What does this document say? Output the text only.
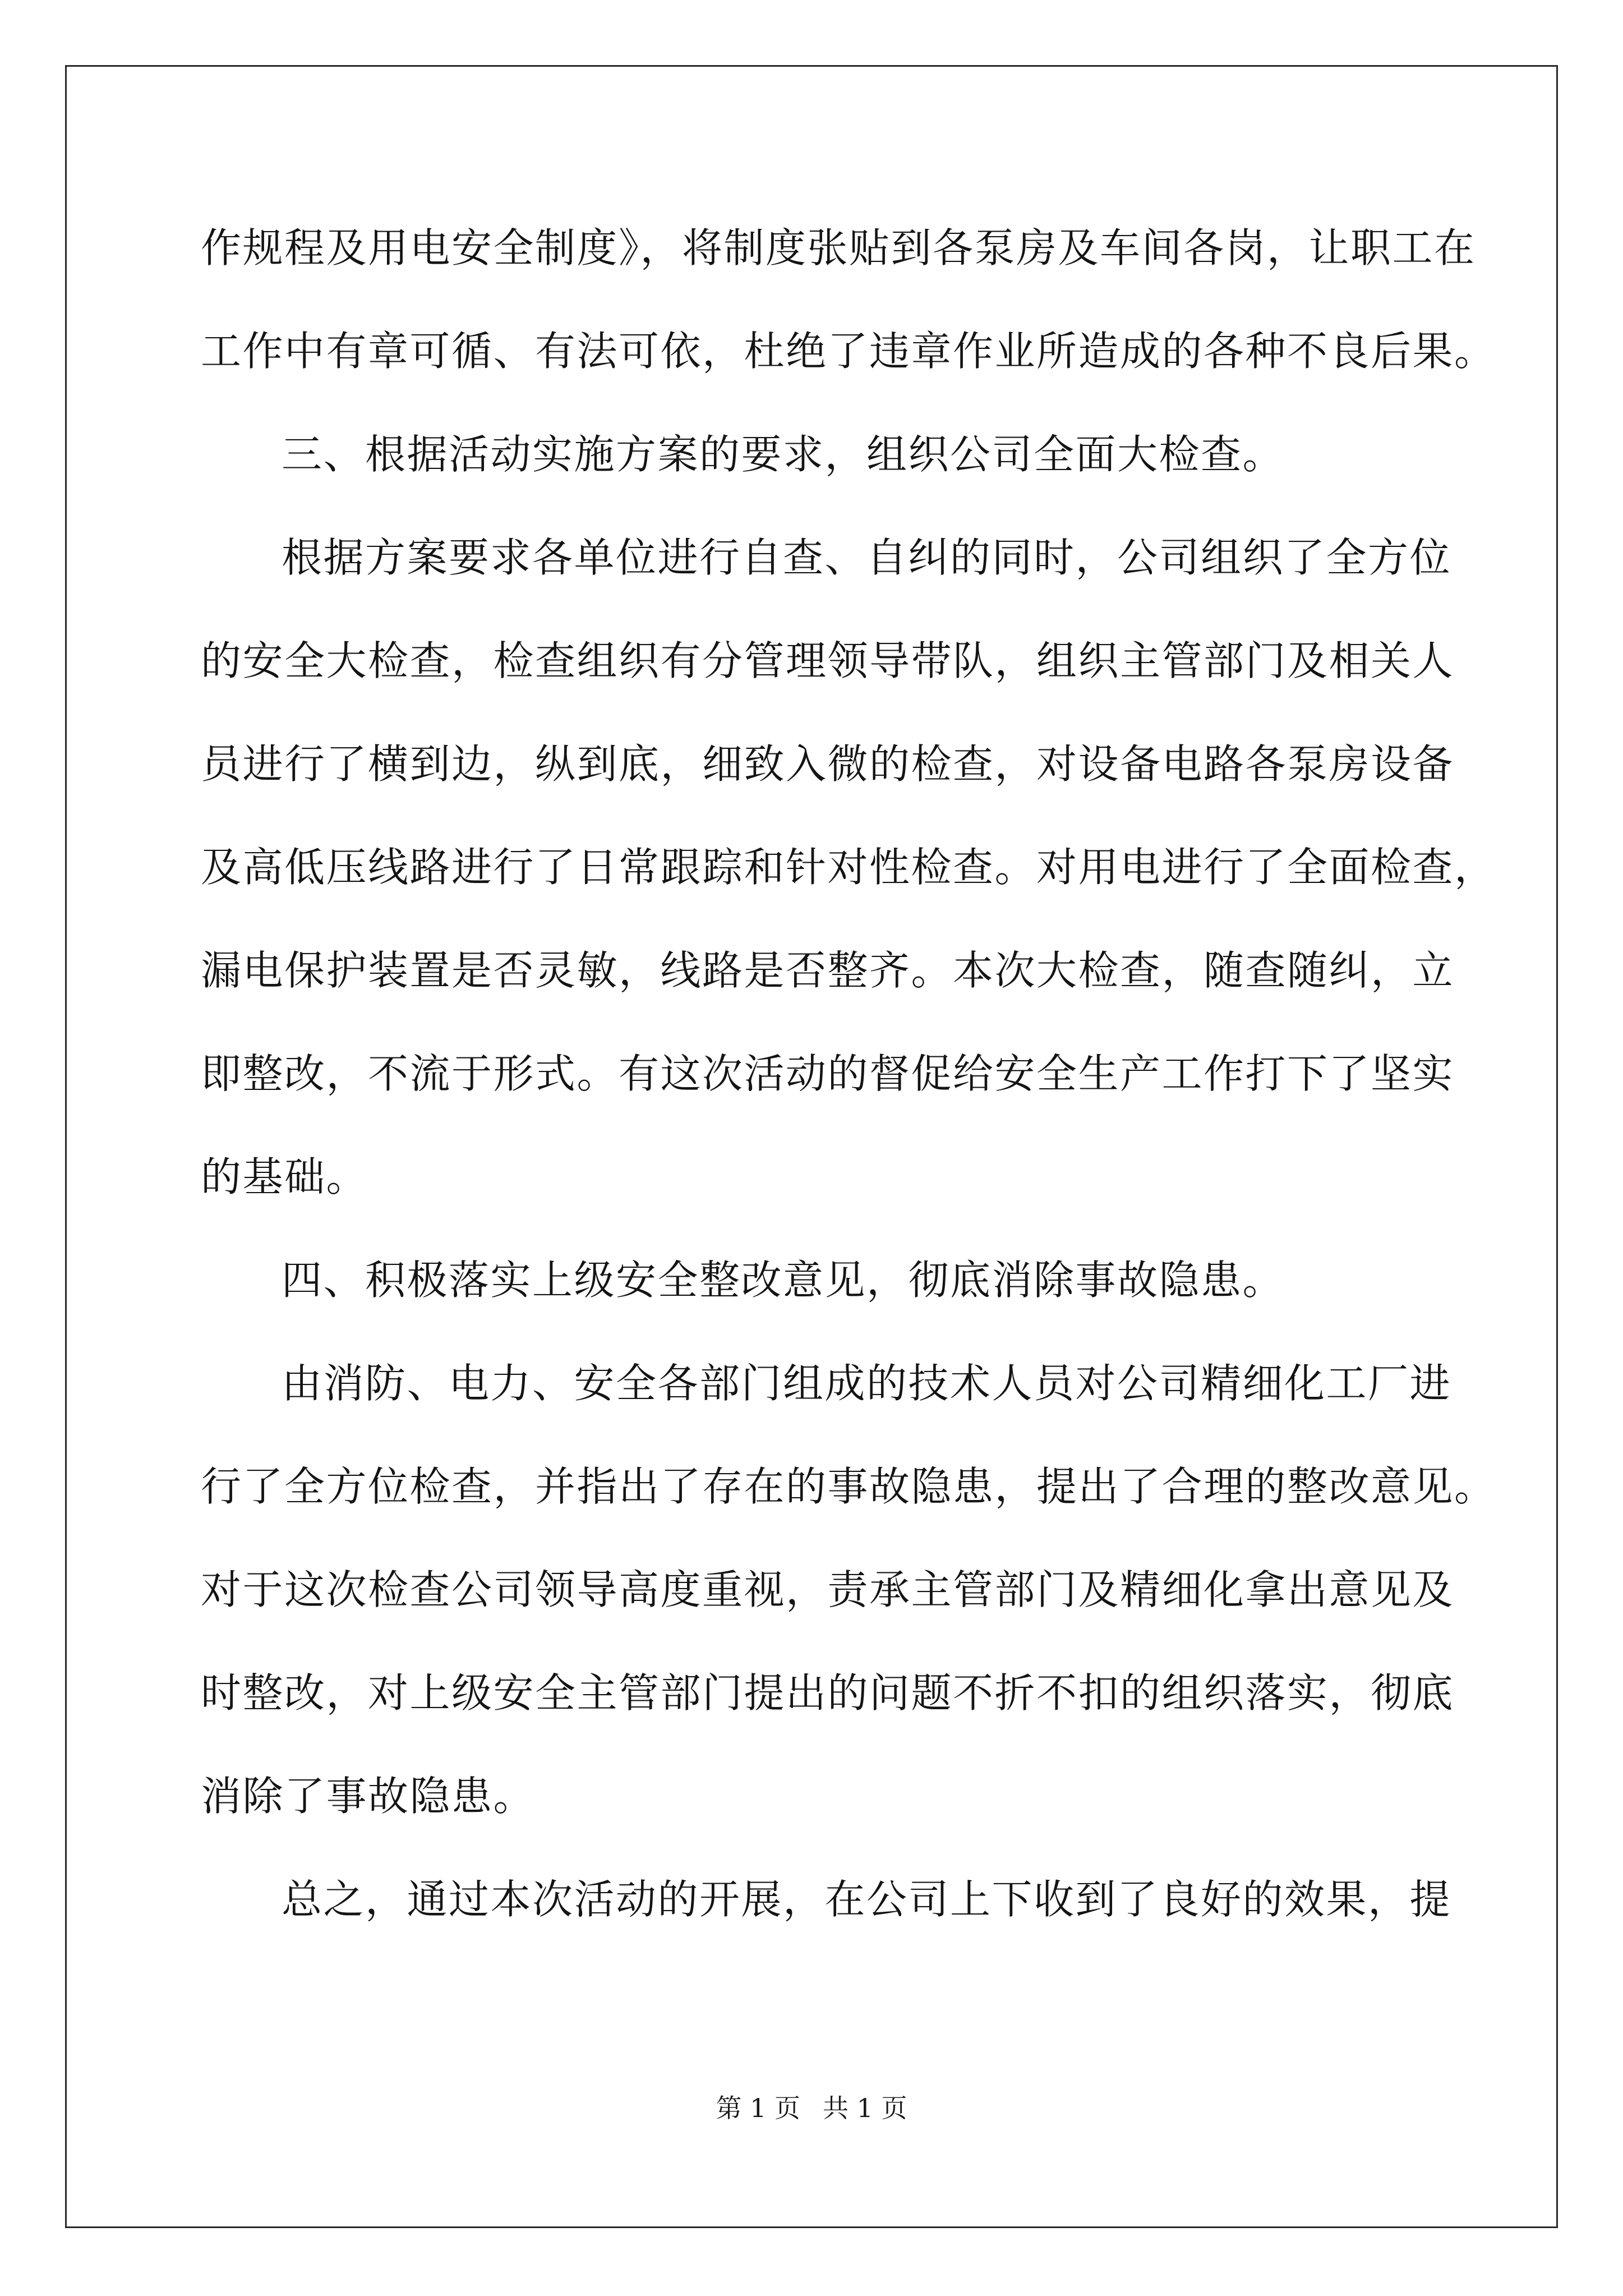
作规程及用电安全制度》，将制度张贴到各泵房及车间各岗，让职工在
工作中有章可循、有法可依，杜绝了违章作业所造成的各种不良后果。
三、根据活动实施方案的要求，组织公司全面大检查。
根据方案要求各单位进行自查、自纠的同时，公司组织了全方位
的安全大检查，检查组织有分管理领导带队，组织主管部门及相关人
员进行了横到边，纵到底，细致入微的检查，对设备电路各泵房设备
及高低压线路进行了日常跟踪和针对性检查。对用电进行了全面检查，
漏电保护装置是否灵敏，线路是否整齐。本次大检查，随查随纠，立
即整改，不流于形式。有这次活动的督促给安全生产工作打下了坚实
的基础。
四、积极落实上级安全整改意见，彻底消除事故隐患。
由消防、电力、安全各部门组成的技术人员对公司精细化工厂进
行了全方位检查，并指出了存在的事故隐患，提出了合理的整改意见。
对于这次检查公司领导高度重视，责承主管部门及精细化拿出意见及
时整改，对上级安全主管部门提出的问题不折不扣的组织落实，彻底
消除了事故隐患。
总之，通过本次活动的开展，在公司上下收到了良好的效果，提
第 1 页 共 1 页
